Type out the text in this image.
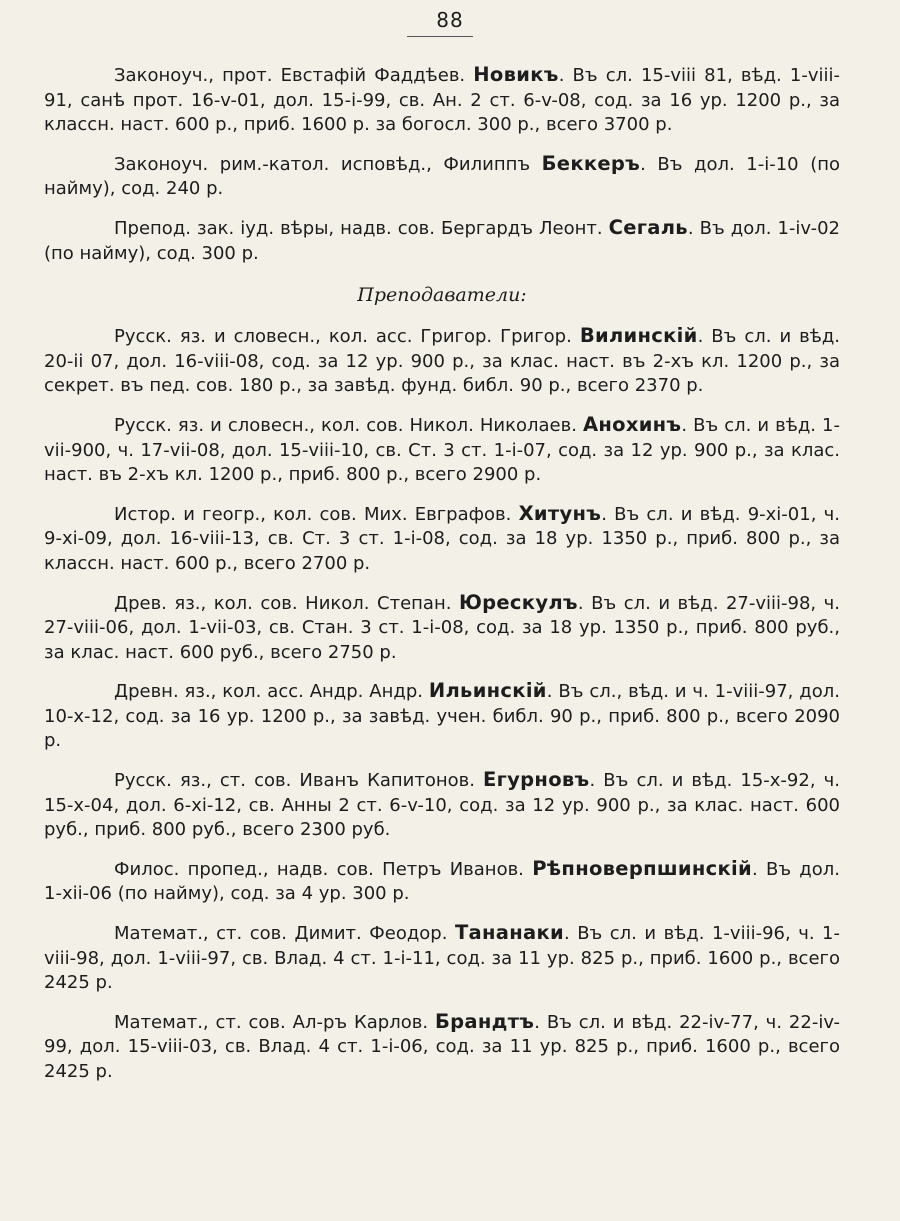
88

Законоуч., прот. Евстафій Фаддѣев. Новикъ. Въ сл. 15-viii 81, вѣд. 1-viii-91, санѣ прот. 16-v-01, дол. 15-i-99, св. Ан. 2 ст. 6-v-08, сод. за 16 ур. 1200 р., за классн. наст. 600 р., приб. 1600 р. за богосл. 300 р., всего 3700 р.

Законоуч. рим.-катол. исповѣд., Филиппъ Беккеръ. Въ дол. 1-i-10 (по найму), сод. 240 р.

Препод. зак. іуд. вѣры, надв. сов. Бергардъ Леонт. Сегаль. Въ дол. 1-iv-02 (по найму), сод. 300 р.

Преподаватели:

Русск. яз. и словесн., кол. асс. Григор. Григор. Вилинскій. Въ сл. и вѣд. 20-ii 07, дол. 16-viii-08, сод. за 12 ур. 900 р., за клас. наст. въ 2-хъ кл. 1200 р., за секрет. въ пед. сов. 180 р., за завѣд. фунд. библ. 90 р., всего 2370 р.

Русск. яз. и словесн., кол. сов. Никол. Николаев. Анохинъ. Въ сл. и вѣд. 1-vii-900, ч. 17-vii-08, дол. 15-viii-10, св. Ст. 3 ст. 1-i-07, сод. за 12 ур. 900 р., за клас. наст. въ 2-хъ кл. 1200 р., приб. 800 р., всего 2900 р.

Истор. и геогр., кол. сов. Мих. Евграфов. Хитунъ. Въ сл. и вѣд. 9-xi-01, ч. 9-xi-09, дол. 16-viii-13, св. Ст. 3 ст. 1-i-08, сод. за 18 ур. 1350 р., приб. 800 р., за классн. наст. 600 р., всего 2700 р.

Древ. яз., кол. сов. Никол. Степан. Юрескулъ. Въ сл. и вѣд. 27-viii-98, ч. 27-viii-06, дол. 1-vii-03, св. Стан. 3 ст. 1-i-08, сод. за 18 ур. 1350 р., приб. 800 руб., за клас. наст. 600 руб., всего 2750 р.

Древн. яз., кол. асс. Андр. Андр. Ильинскій. Въ сл., вѣд. и ч. 1-viii-97, дол. 10-x-12, сод. за 16 ур. 1200 р., за завѣд. учен. библ. 90 р., приб. 800 р., всего 2090 р.

Русск. яз., ст. сов. Иванъ Капитонов. Егурновъ. Въ сл. и вѣд. 15-x-92, ч. 15-x-04, дол. 6-xi-12, св. Анны 2 ст. 6-v-10, сод. за 12 ур. 900 р., за клас. наст. 600 руб., приб. 800 руб., всего 2300 руб.

Филос. пропед., надв. сов. Петръ Иванов. Рѣпноверпшинскій. Въ дол. 1-xii-06 (по найму), сод. за 4 ур. 300 р.

Математ., ст. сов. Димит. Феодор. Тананаки. Въ сл. и вѣд. 1-viii-96, ч. 1-viii-98, дол. 1-viii-97, св. Влад. 4 ст. 1-i-11, сод. за 11 ур. 825 р., приб. 1600 р., всего 2425 р.

Математ., ст. сов. Ал-ръ Карлов. Брандтъ. Въ сл. и вѣд. 22-iv-77, ч. 22-iv-99, дол. 15-viii-03, св. Влад. 4 ст. 1-i-06, сод. за 11 ур. 825 р., приб. 1600 р., всего 2425 р.
